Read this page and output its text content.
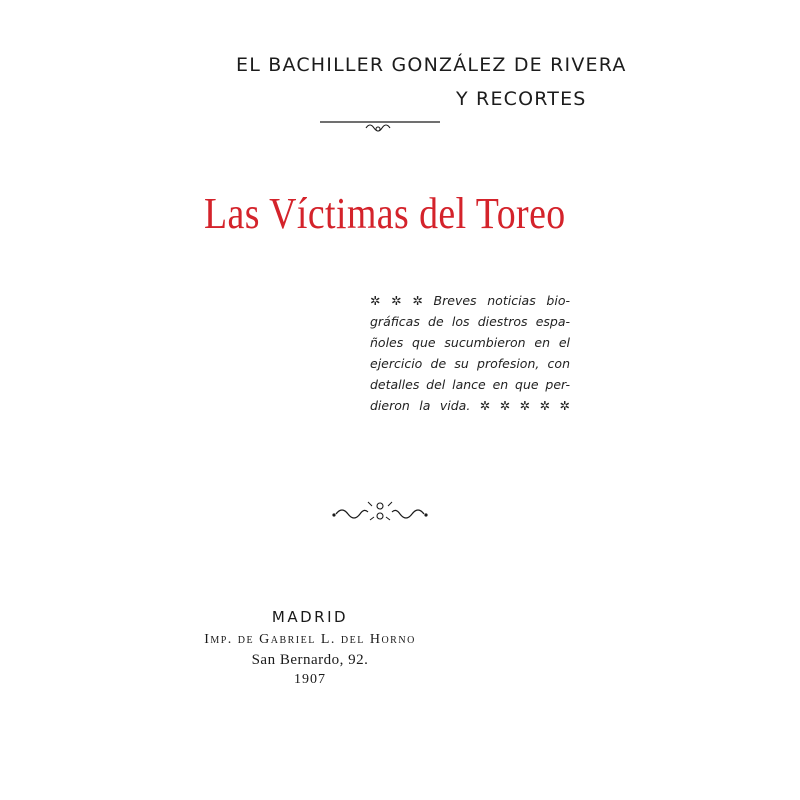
EL BACHILLER GONZÁLEZ DE RIVERA
Y RECORTES
Las Víctimas del Toreo
✲ ✲ ✲ Breves noticias bio-
gráficas de los diestros espa-
ñoles que sucumbieron en el
ejercicio de su profesion, con
detalles del lance en que per-
dieron la vida. ✲ ✲ ✲ ✲ ✲
MADRID
Imp. de Gabriel L. del Horno
San Bernardo, 92.
1907
